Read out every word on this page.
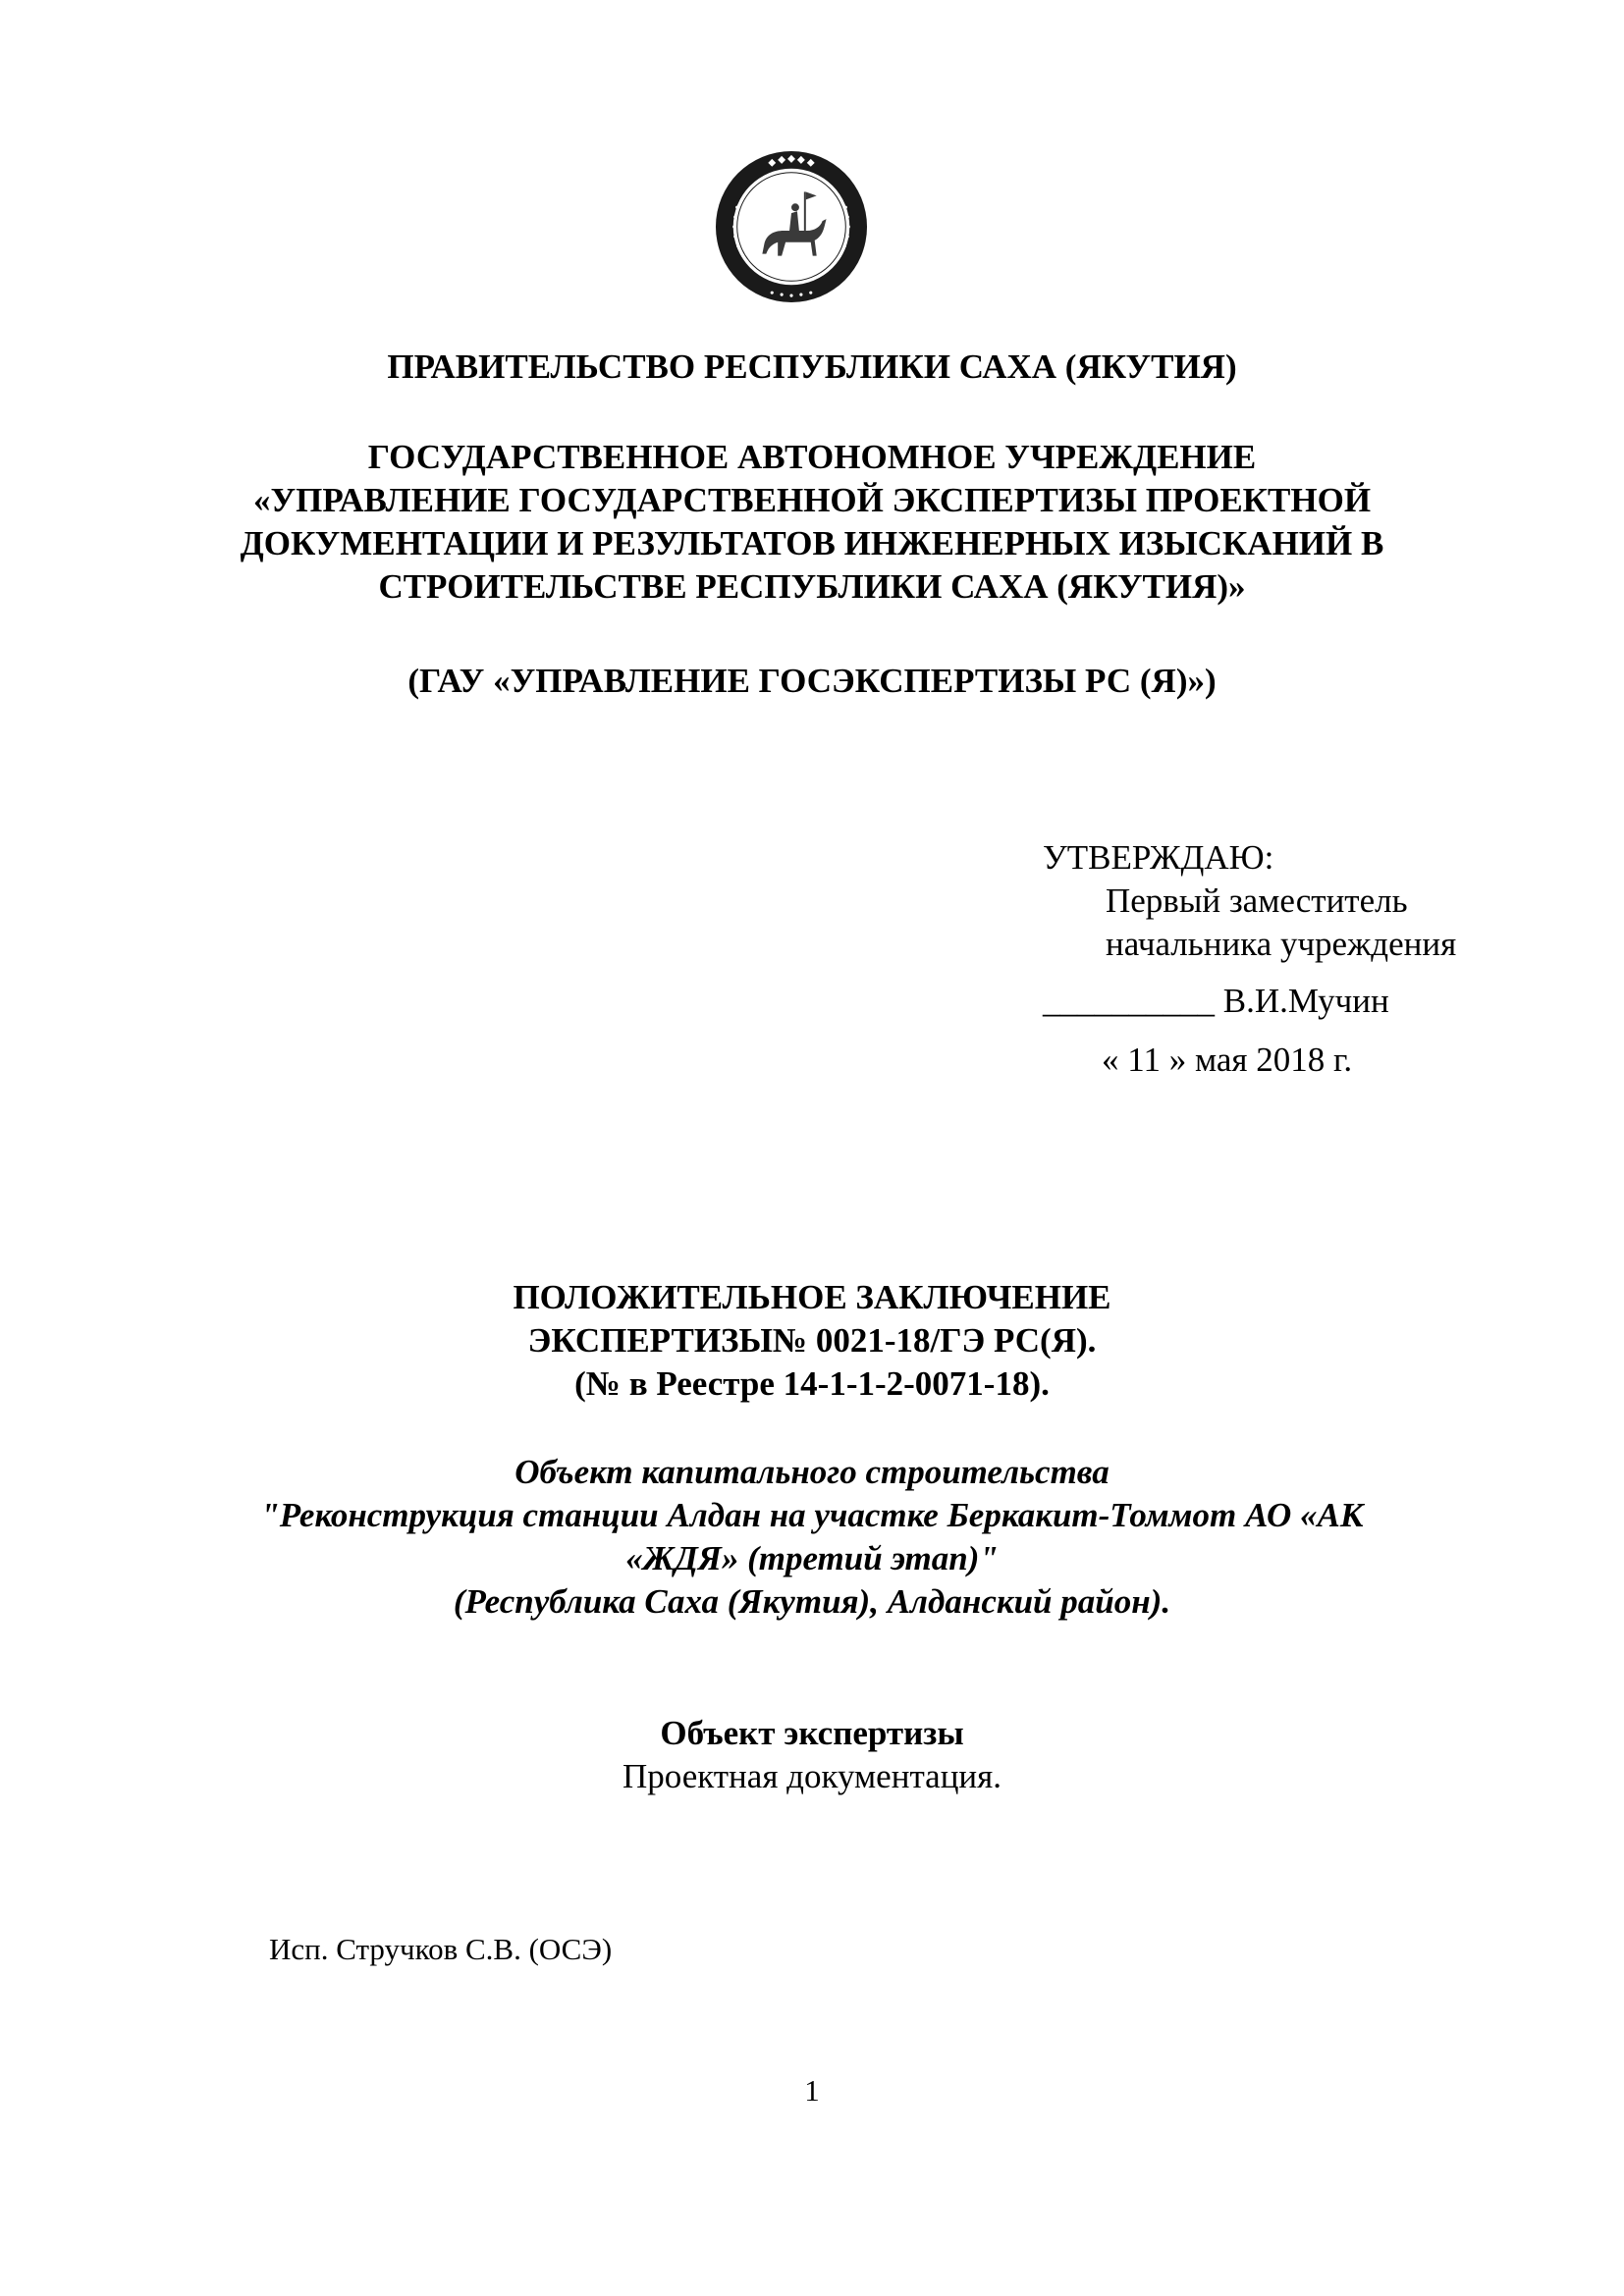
ПРАВИТЕЛЬСТВО РЕСПУБЛИКИ САХА (ЯКУТИЯ)
ГОСУДАРСТВЕННОЕ АВТОНОМНОЕ УЧРЕЖДЕНИЕ
«УПРАВЛЕНИЕ ГОСУДАРСТВЕННОЙ ЭКСПЕРТИЗЫ ПРОЕКТНОЙ
ДОКУМЕНТАЦИИ И РЕЗУЛЬТАТОВ ИНЖЕНЕРНЫХ ИЗЫСКАНИЙ В
СТРОИТЕЛЬСТВЕ РЕСПУБЛИКИ САХА (ЯКУТИЯ)»
(ГАУ «УПРАВЛЕНИЕ ГОСЭКСПЕРТИЗЫ РС (Я)»)
УТВЕРЖДАЮ:
Первый заместитель
начальника учреждения
__________ В.И.Мучин
« 11 » мая 2018 г.
ПОЛОЖИТЕЛЬНОЕ ЗАКЛЮЧЕНИЕ
ЭКСПЕРТИЗЫ№ 0021-18/ГЭ РС(Я).
(№ в Реестре 14-1-1-2-0071-18).
Объект капитального строительства
"Реконструкция станции Алдан на участке Беркакит-Томмот АО «АК
«ЖДЯ» (третий этап)"
(Республика Саха (Якутия), Алданский район).
Объект экспертизы
Проектная документация.
Исп. Стручков С.В. (ОСЭ)
1
